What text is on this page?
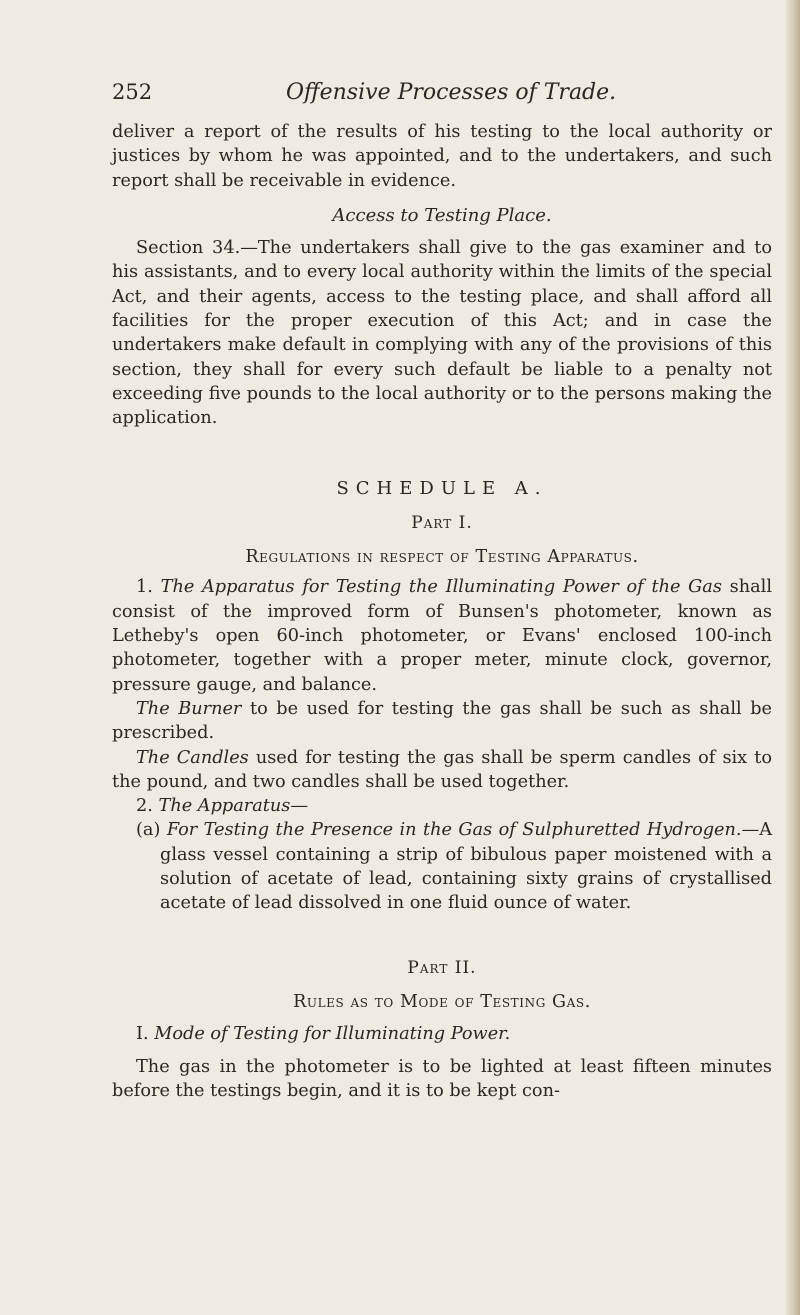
252	Offensive Processes of Trade.

deliver a report of the results of his testing to the local authority or justices by whom he was appointed, and to the undertakers, and such report shall be receivable in evidence.

Access to Testing Place.

Section 34.—The undertakers shall give to the gas examiner and to his assistants, and to every local authority within the limits of the special Act, and their agents, access to the testing place, and shall afford all facilities for the proper execution of this Act; and in case the undertakers make default in complying with any of the provisions of this section, they shall for every such default be liable to a penalty not exceeding five pounds to the local authority or to the persons making the application.

SCHEDULE A.

Part I.

Regulations in respect of Testing Apparatus.

1. The Apparatus for Testing the Illuminating Power of the Gas shall consist of the improved form of Bunsen's photometer, known as Letheby's open 60-inch photometer, or Evans' enclosed 100-inch photometer, together with a proper meter, minute clock, governor, pressure gauge, and balance.

The Burner to be used for testing the gas shall be such as shall be prescribed.

The Candles used for testing the gas shall be sperm candles of six to the pound, and two candles shall be used together.

2. The Apparatus—

(a) For Testing the Presence in the Gas of Sulphuretted Hydrogen.—A glass vessel containing a strip of bibulous paper moistened with a solution of acetate of lead, containing sixty grains of crystallised acetate of lead dissolved in one fluid ounce of water.

Part II.

Rules as to Mode of Testing Gas.

I. Mode of Testing for Illuminating Power.

The gas in the photometer is to be lighted at least fifteen minutes before the testings begin, and it is to be kept con-
